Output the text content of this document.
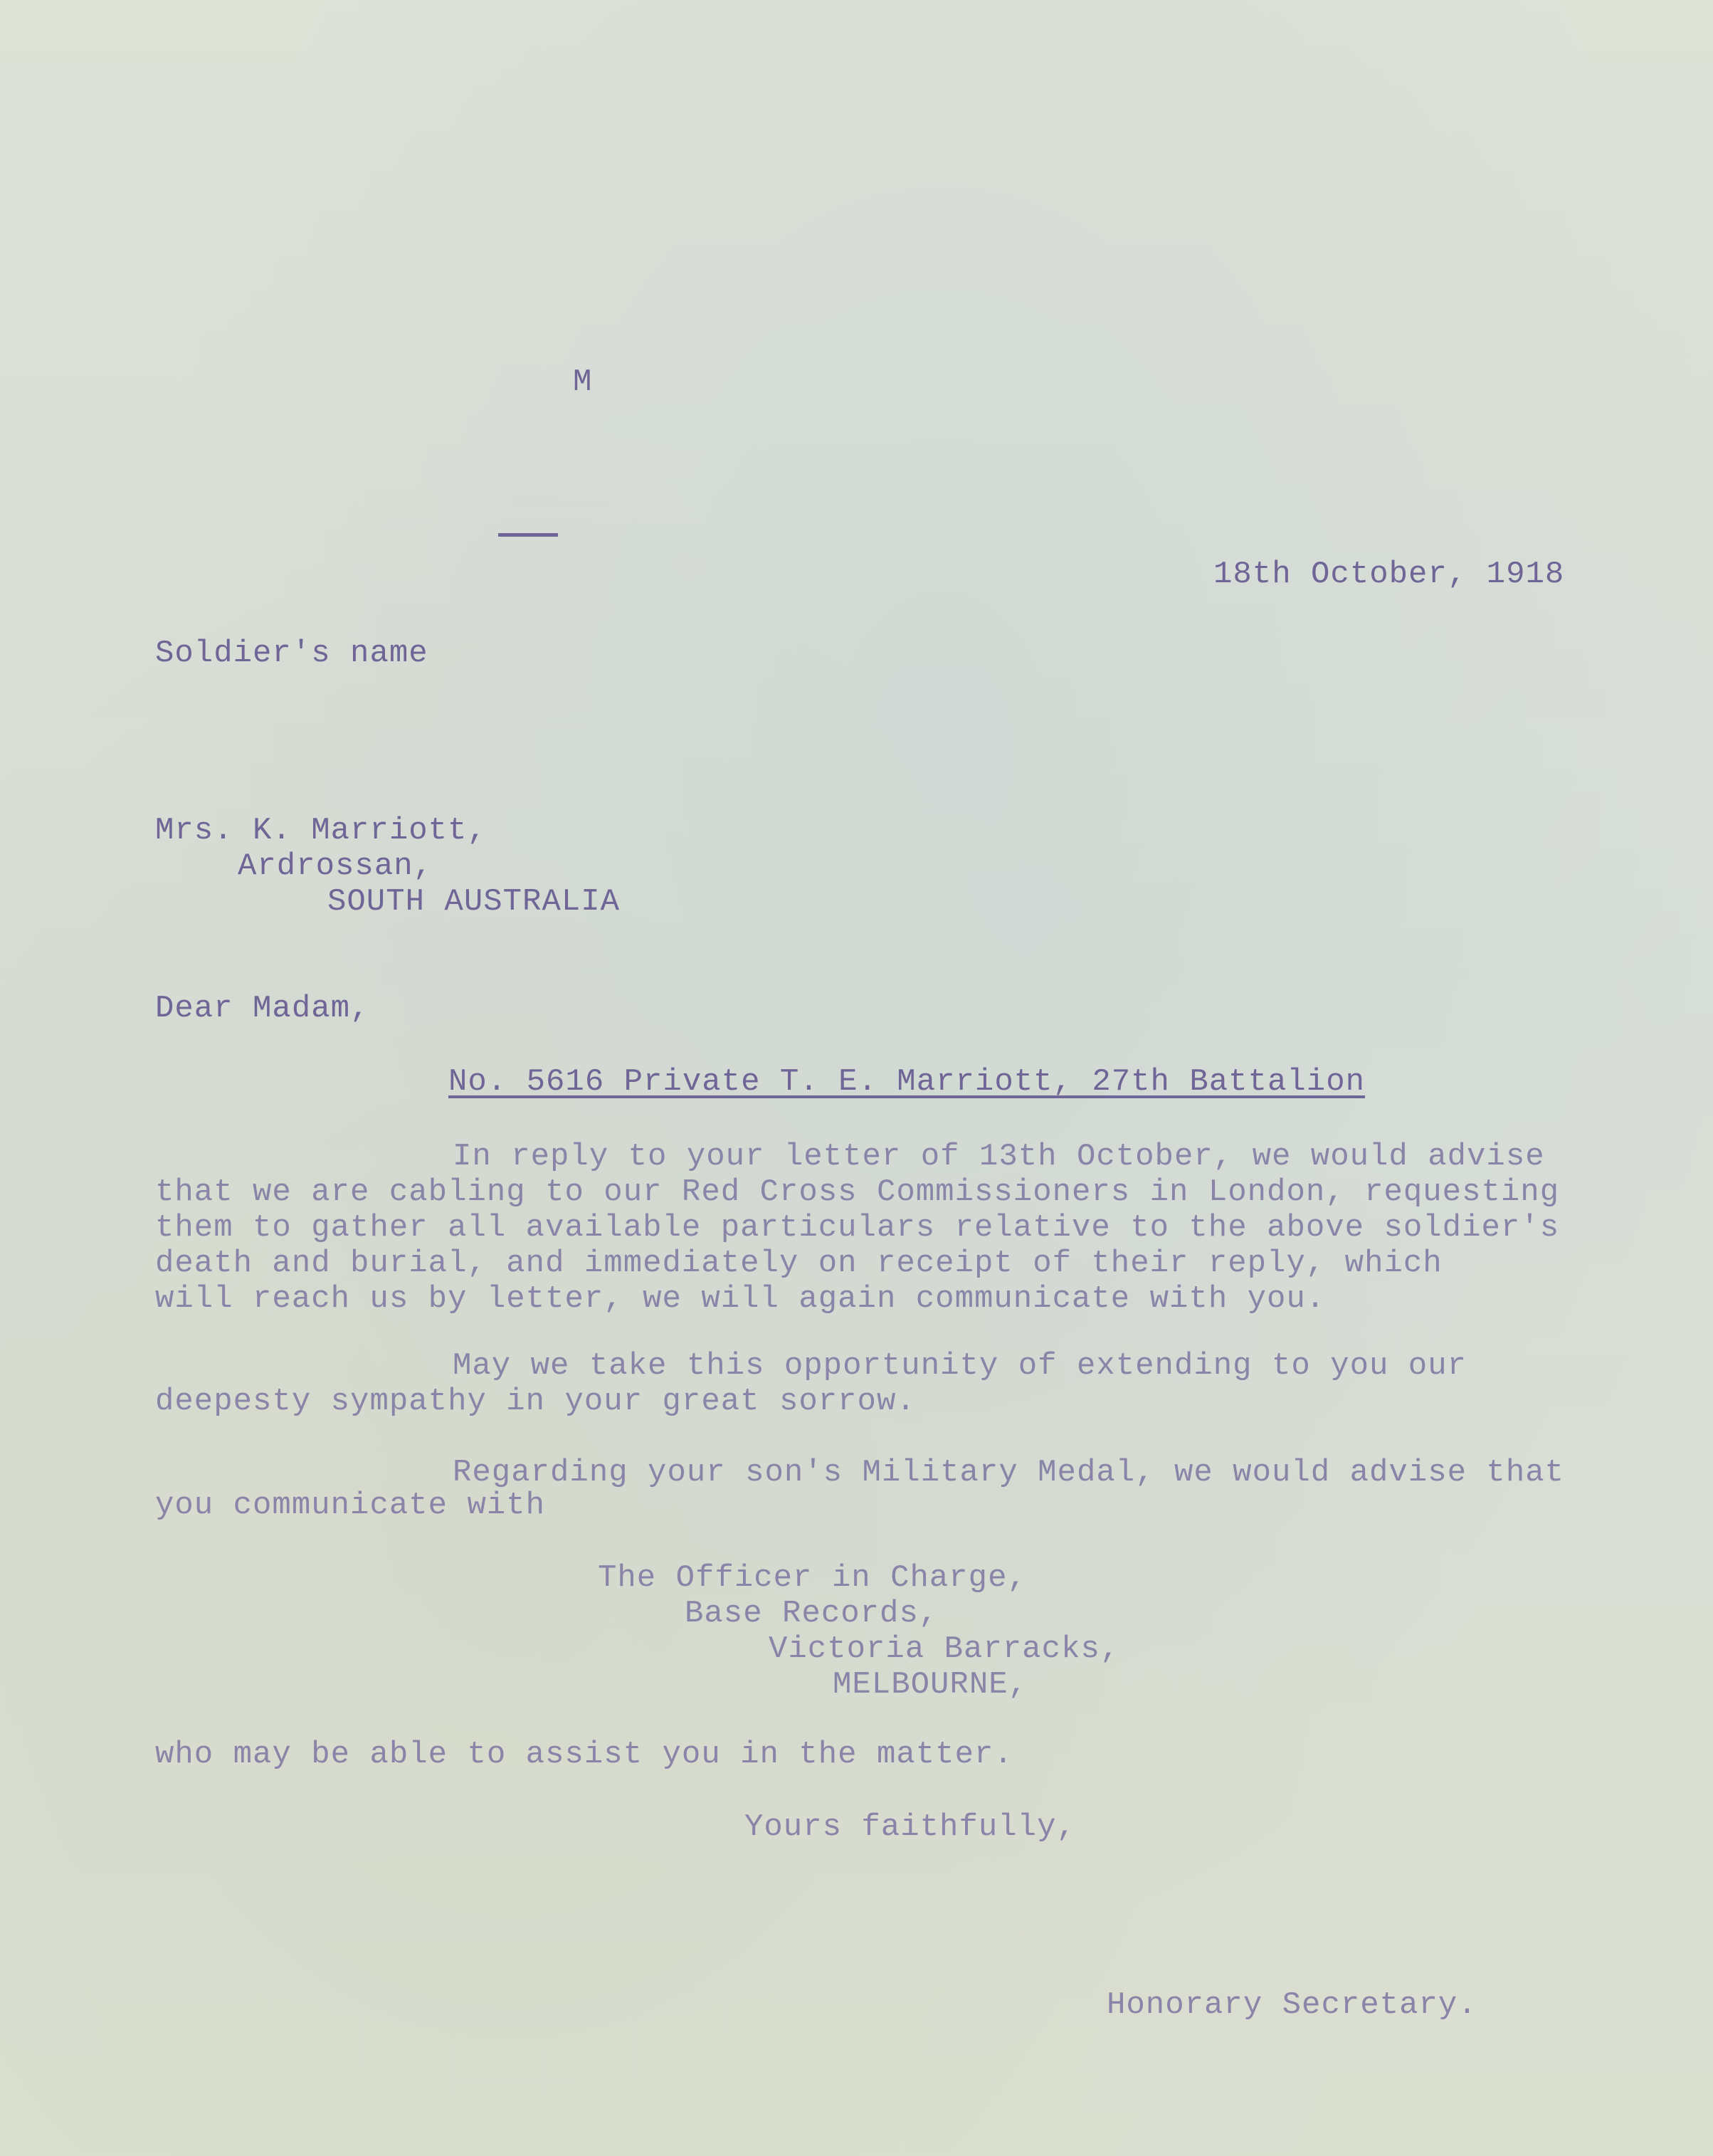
M
18th October, 1918
Soldier's name
Mrs. K. Marriott,
Ardrossan,
SOUTH AUSTRALIA
Dear Madam,
No. 5616 Private T. E. Marriott, 27th Battalion
In reply to your letter of 13th October, we would advise
that we are cabling to our Red Cross Commissioners in London, requesting
them to gather all available particulars relative to the above soldier's
death and burial, and immediately on receipt of their reply, which
will reach us by letter, we will again communicate with you.
May we take this opportunity of extending to you our
deepesty sympathy in your great sorrow.
Regarding your son's Military Medal, we would advise that
you communicate with
The Officer in Charge,
Base Records,
Victoria Barracks,
MELBOURNE,
who may be able to assist you in the matter.
Yours faithfully,
Honorary Secretary.
